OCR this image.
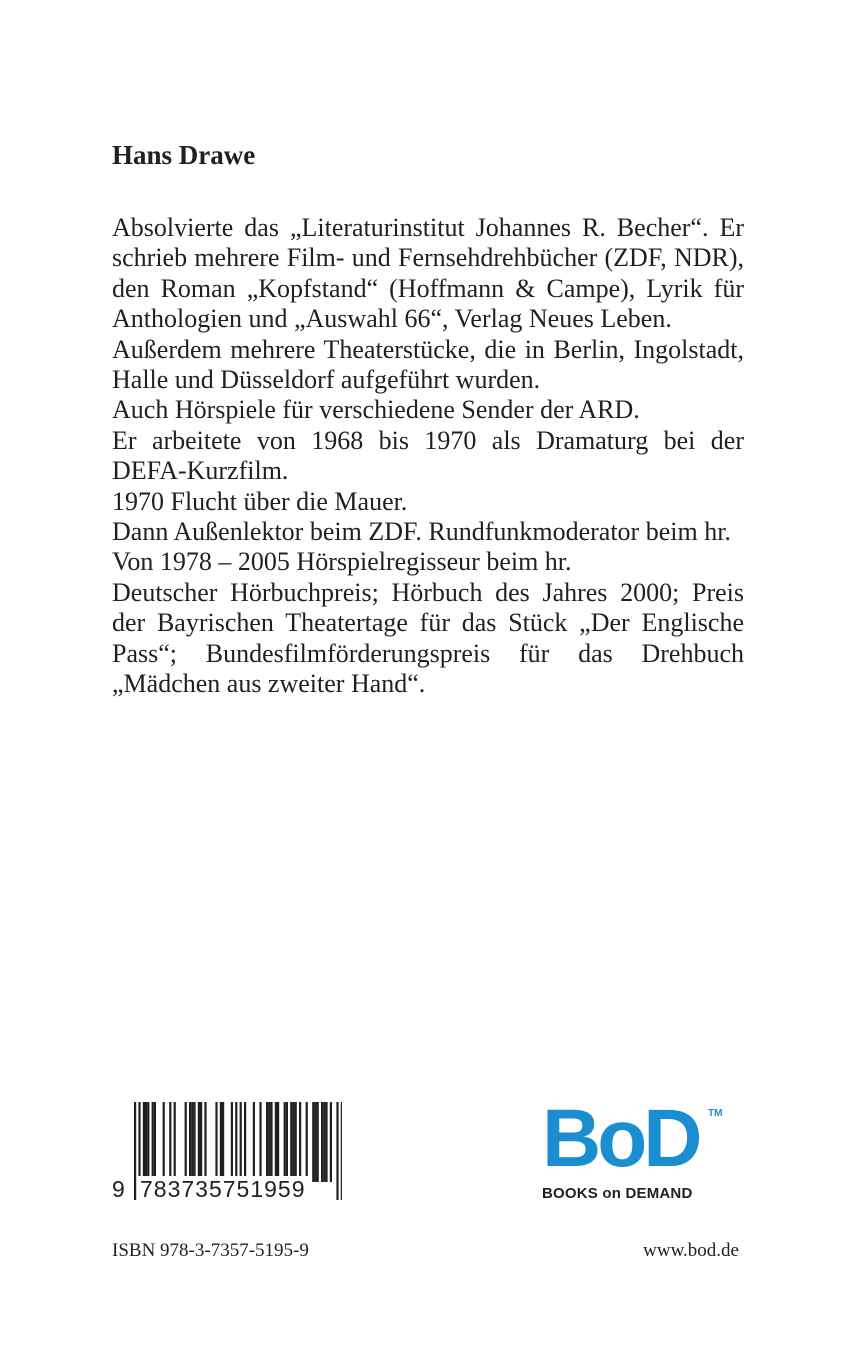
Hans Drawe

Absolvierte das „Literaturinstitut Johannes R. Becher“. Er schrieb mehrere Film- und Fernsehdrehbücher (ZDF, NDR), den Roman „Kopfstand“ (Hoffmann & Campe), Lyrik für Anthologien und „Auswahl 66“, Verlag Neues Leben.

Außerdem mehrere Theaterstücke, die in Berlin, Ingolstadt, Halle und Düsseldorf aufgeführt wurden.

Auch Hörspiele für verschiedene Sender der ARD.

Er arbeitete von 1968 bis 1970 als Dramaturg bei der DEFA-Kurzfilm.

1970 Flucht über die Mauer.

Dann Außenlektor beim ZDF. Rundfunkmoderator beim hr.

Von 1978 – 2005 Hörspielregisseur beim hr.

Deutscher Hörbuchpreis; Hörbuch des Jahres 2000; Preis der Bayrischen Theatertage für das Stück „Der Englische Pass“; Bundesfilmförderungspreis für das Drehbuch „Mädchen aus zweiter Hand“.

9 783735751959
BoD TM
BOOKS on DEMAND
ISBN 978-3-7357-5195-9	www.bod.de
